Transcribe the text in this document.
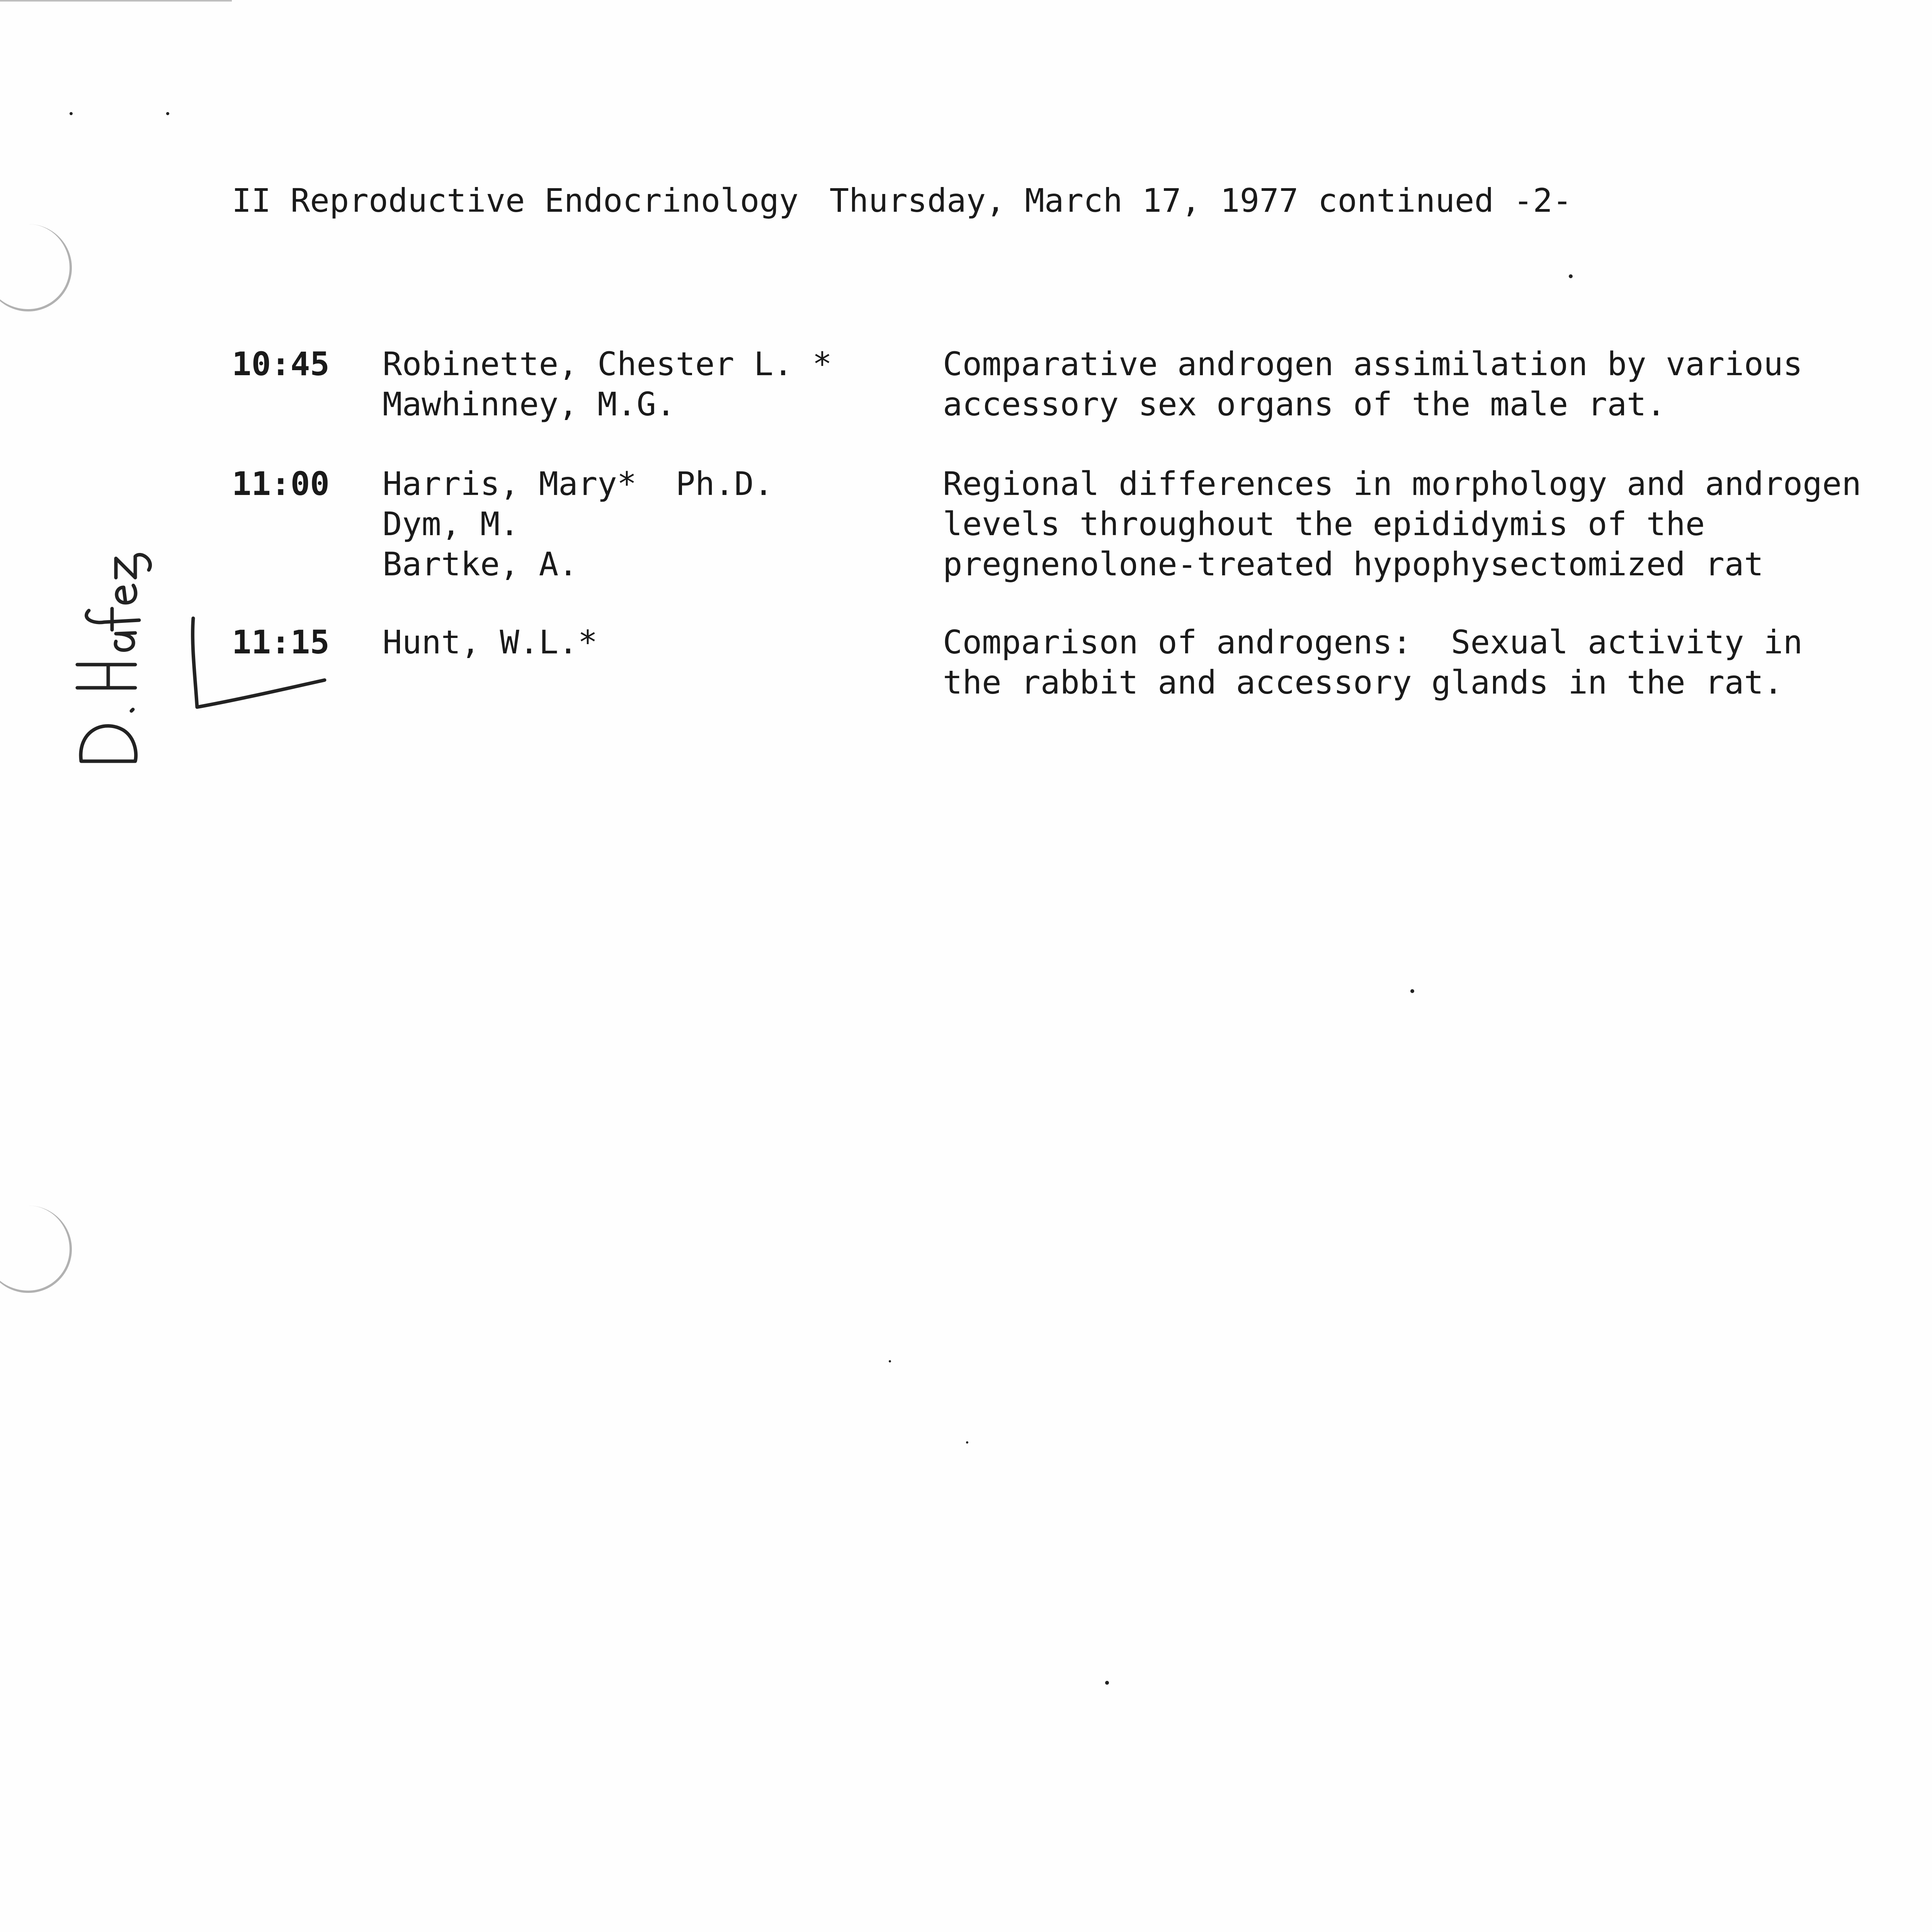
II Reproductive Endocrinology Thursday, March 17, 1977 continued -2-
10:45 Robinette, Chester L. *
Mawhinney, M.G.
Comparative androgen assimilation by various
accessory sex organs of the male rat.
11:00 Harris, Mary*  Ph.D.
Dym, M.
Bartke, A.
Regional differences in morphology and androgen
levels throughout the epididymis of the
pregnenolone-treated hypophysectomized rat
11:15 Hunt, W.L.*	Comparison of androgens:  Sexual activity in
the rabbit and accessory glands in the rat.
